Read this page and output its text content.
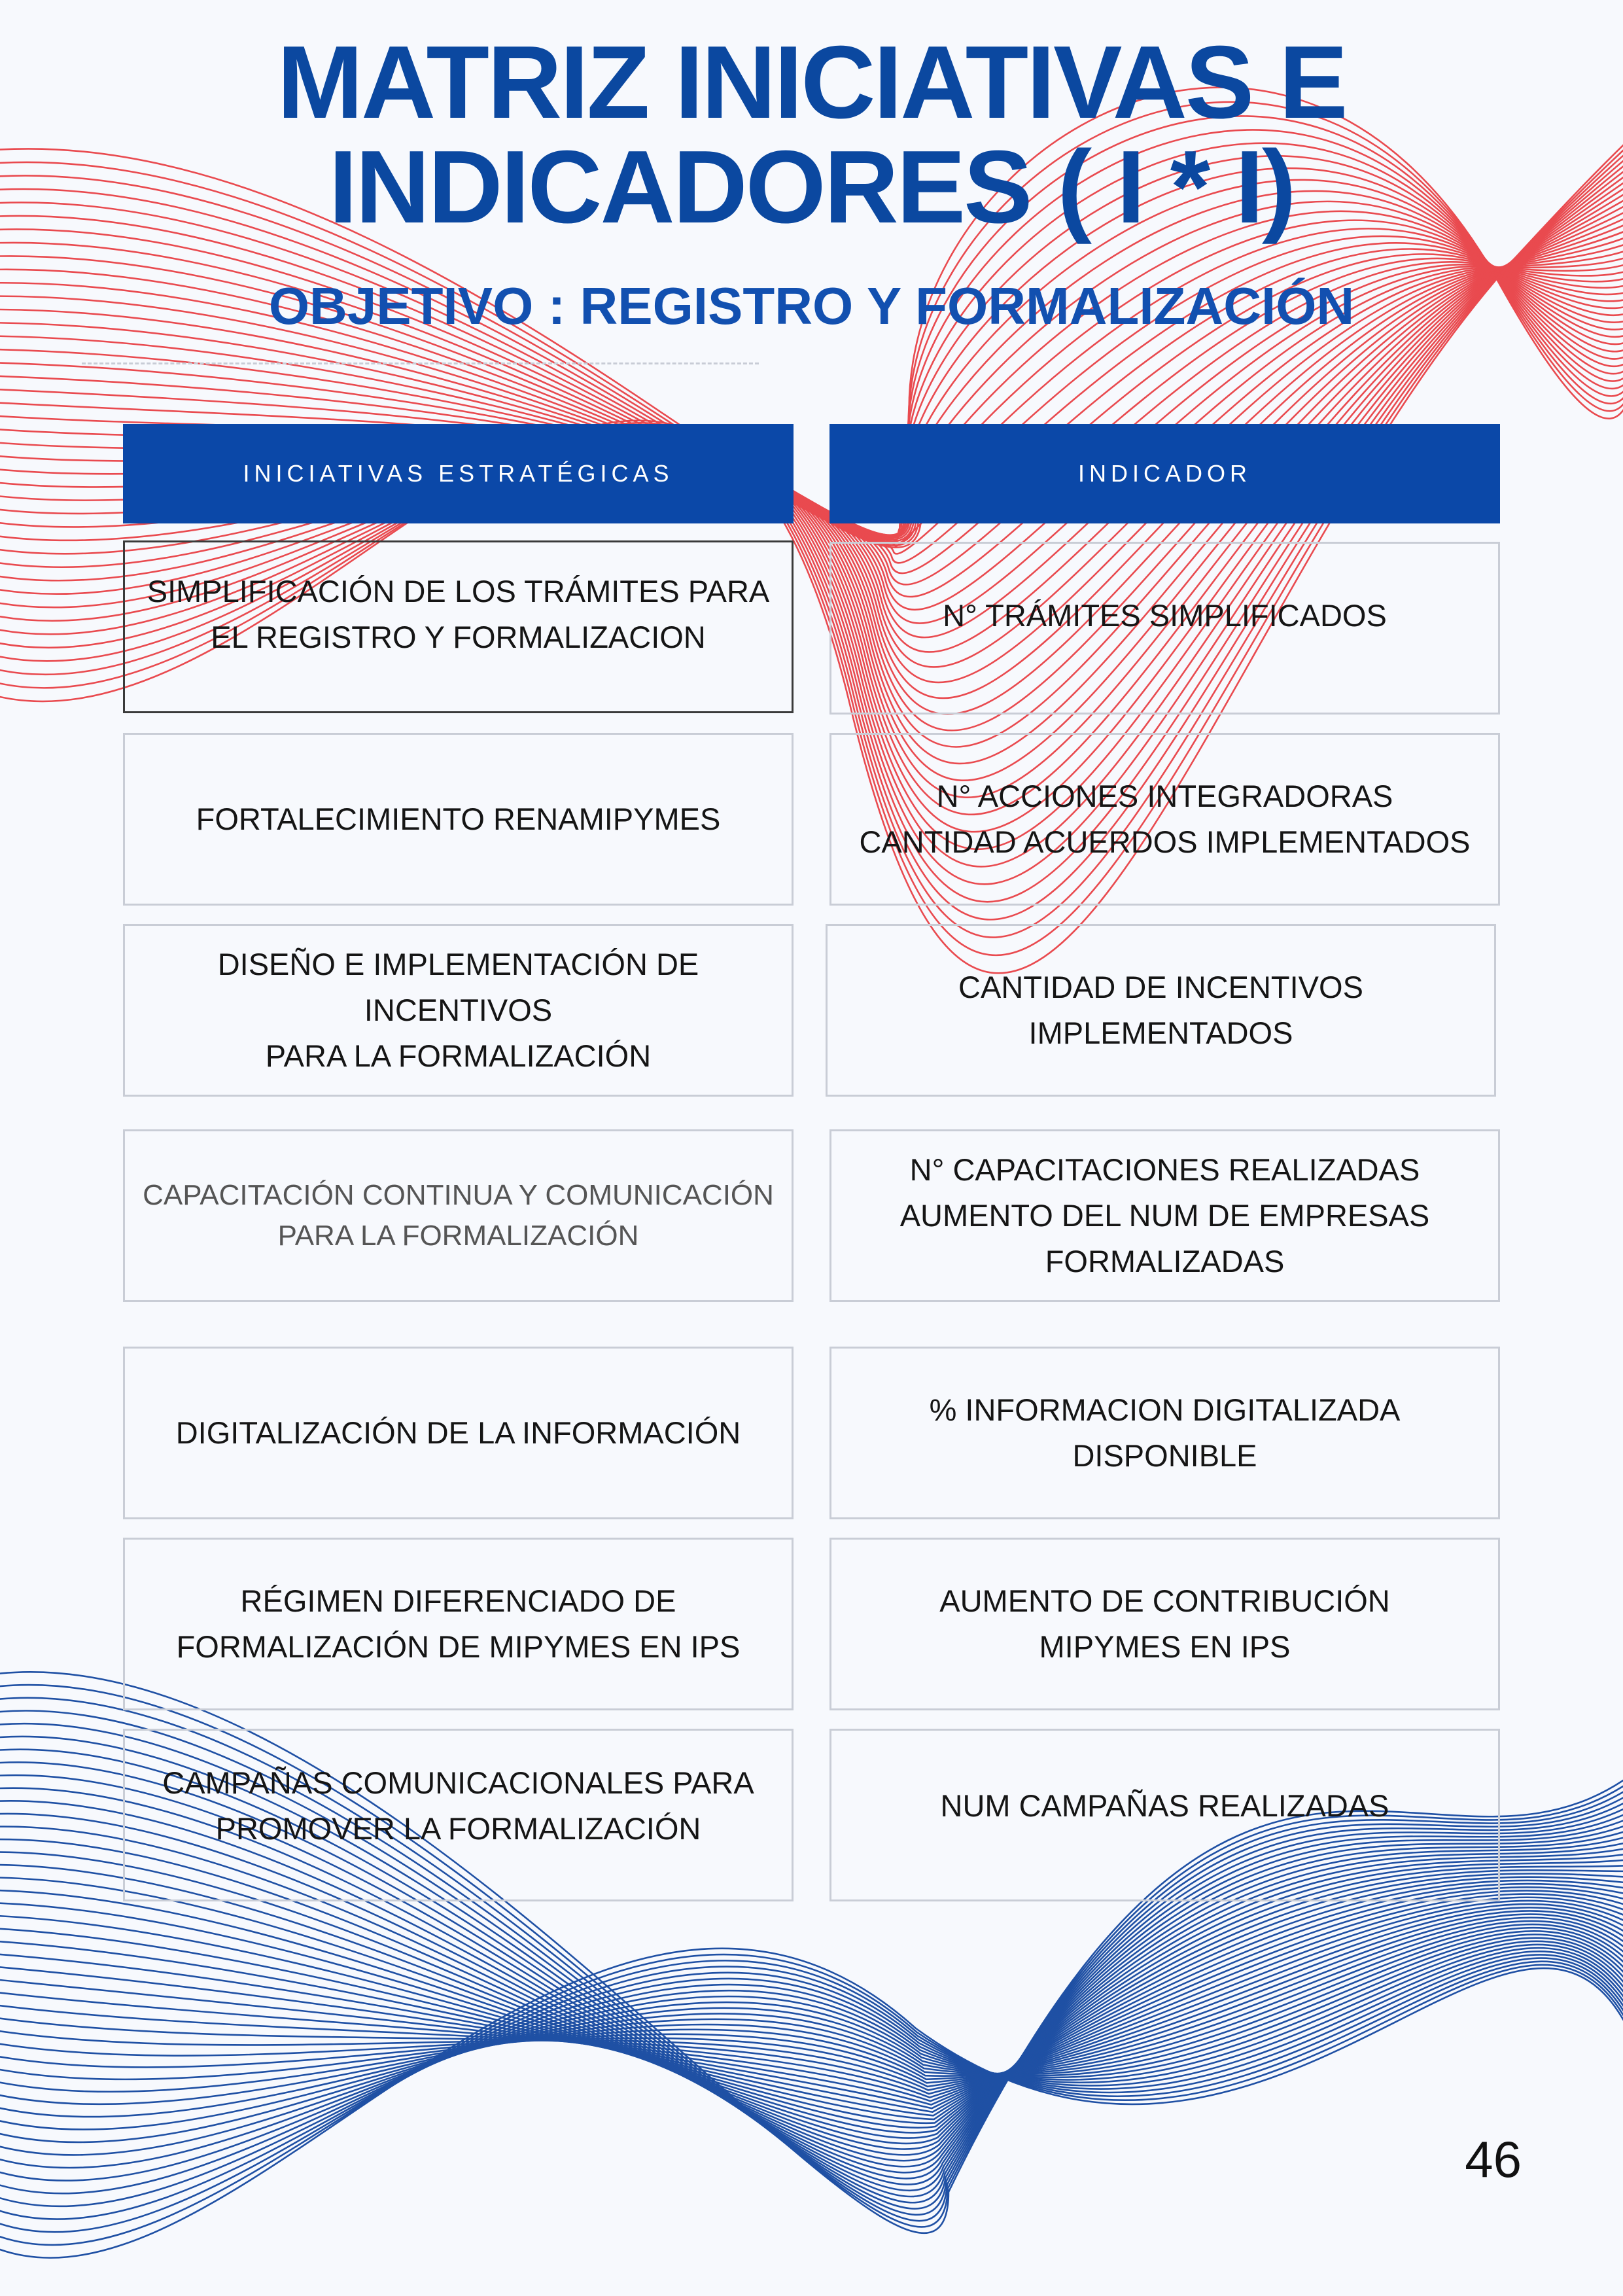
MATRIZ INICIATIVAS E
INDICADORES ( I * I)
OBJETIVO : REGISTRO Y FORMALIZACIÓN
INICIATIVAS ESTRATÉGICAS	INDICADOR
SIMPLIFICACIÓN DE LOS TRÁMITES PARA
EL REGISTRO Y FORMALIZACION
N° TRÁMITES SIMPLIFICADOS
FORTALECIMIENTO RENAMIPYMES
N° ACCIONES INTEGRADORAS
CANTIDAD ACUERDOS IMPLEMENTADOS
DISEÑO E IMPLEMENTACIÓN DE
INCENTIVOS
PARA LA FORMALIZACIÓN
CANTIDAD DE INCENTIVOS
IMPLEMENTADOS
CAPACITACIÓN CONTINUA Y COMUNICACIÓN
PARA LA FORMALIZACIÓN
N° CAPACITACIONES REALIZADAS
AUMENTO DEL NUM DE EMPRESAS
FORMALIZADAS
DIGITALIZACIÓN DE LA INFORMACIÓN
% INFORMACION DIGITALIZADA
DISPONIBLE
RÉGIMEN DIFERENCIADO DE
FORMALIZACIÓN DE MIPYMES EN IPS
AUMENTO DE CONTRIBUCIÓN
MIPYMES EN IPS
CAMPAÑAS COMUNICACIONALES PARA
PROMOVER LA FORMALIZACIÓN
NUM CAMPAÑAS REALIZADAS
46
